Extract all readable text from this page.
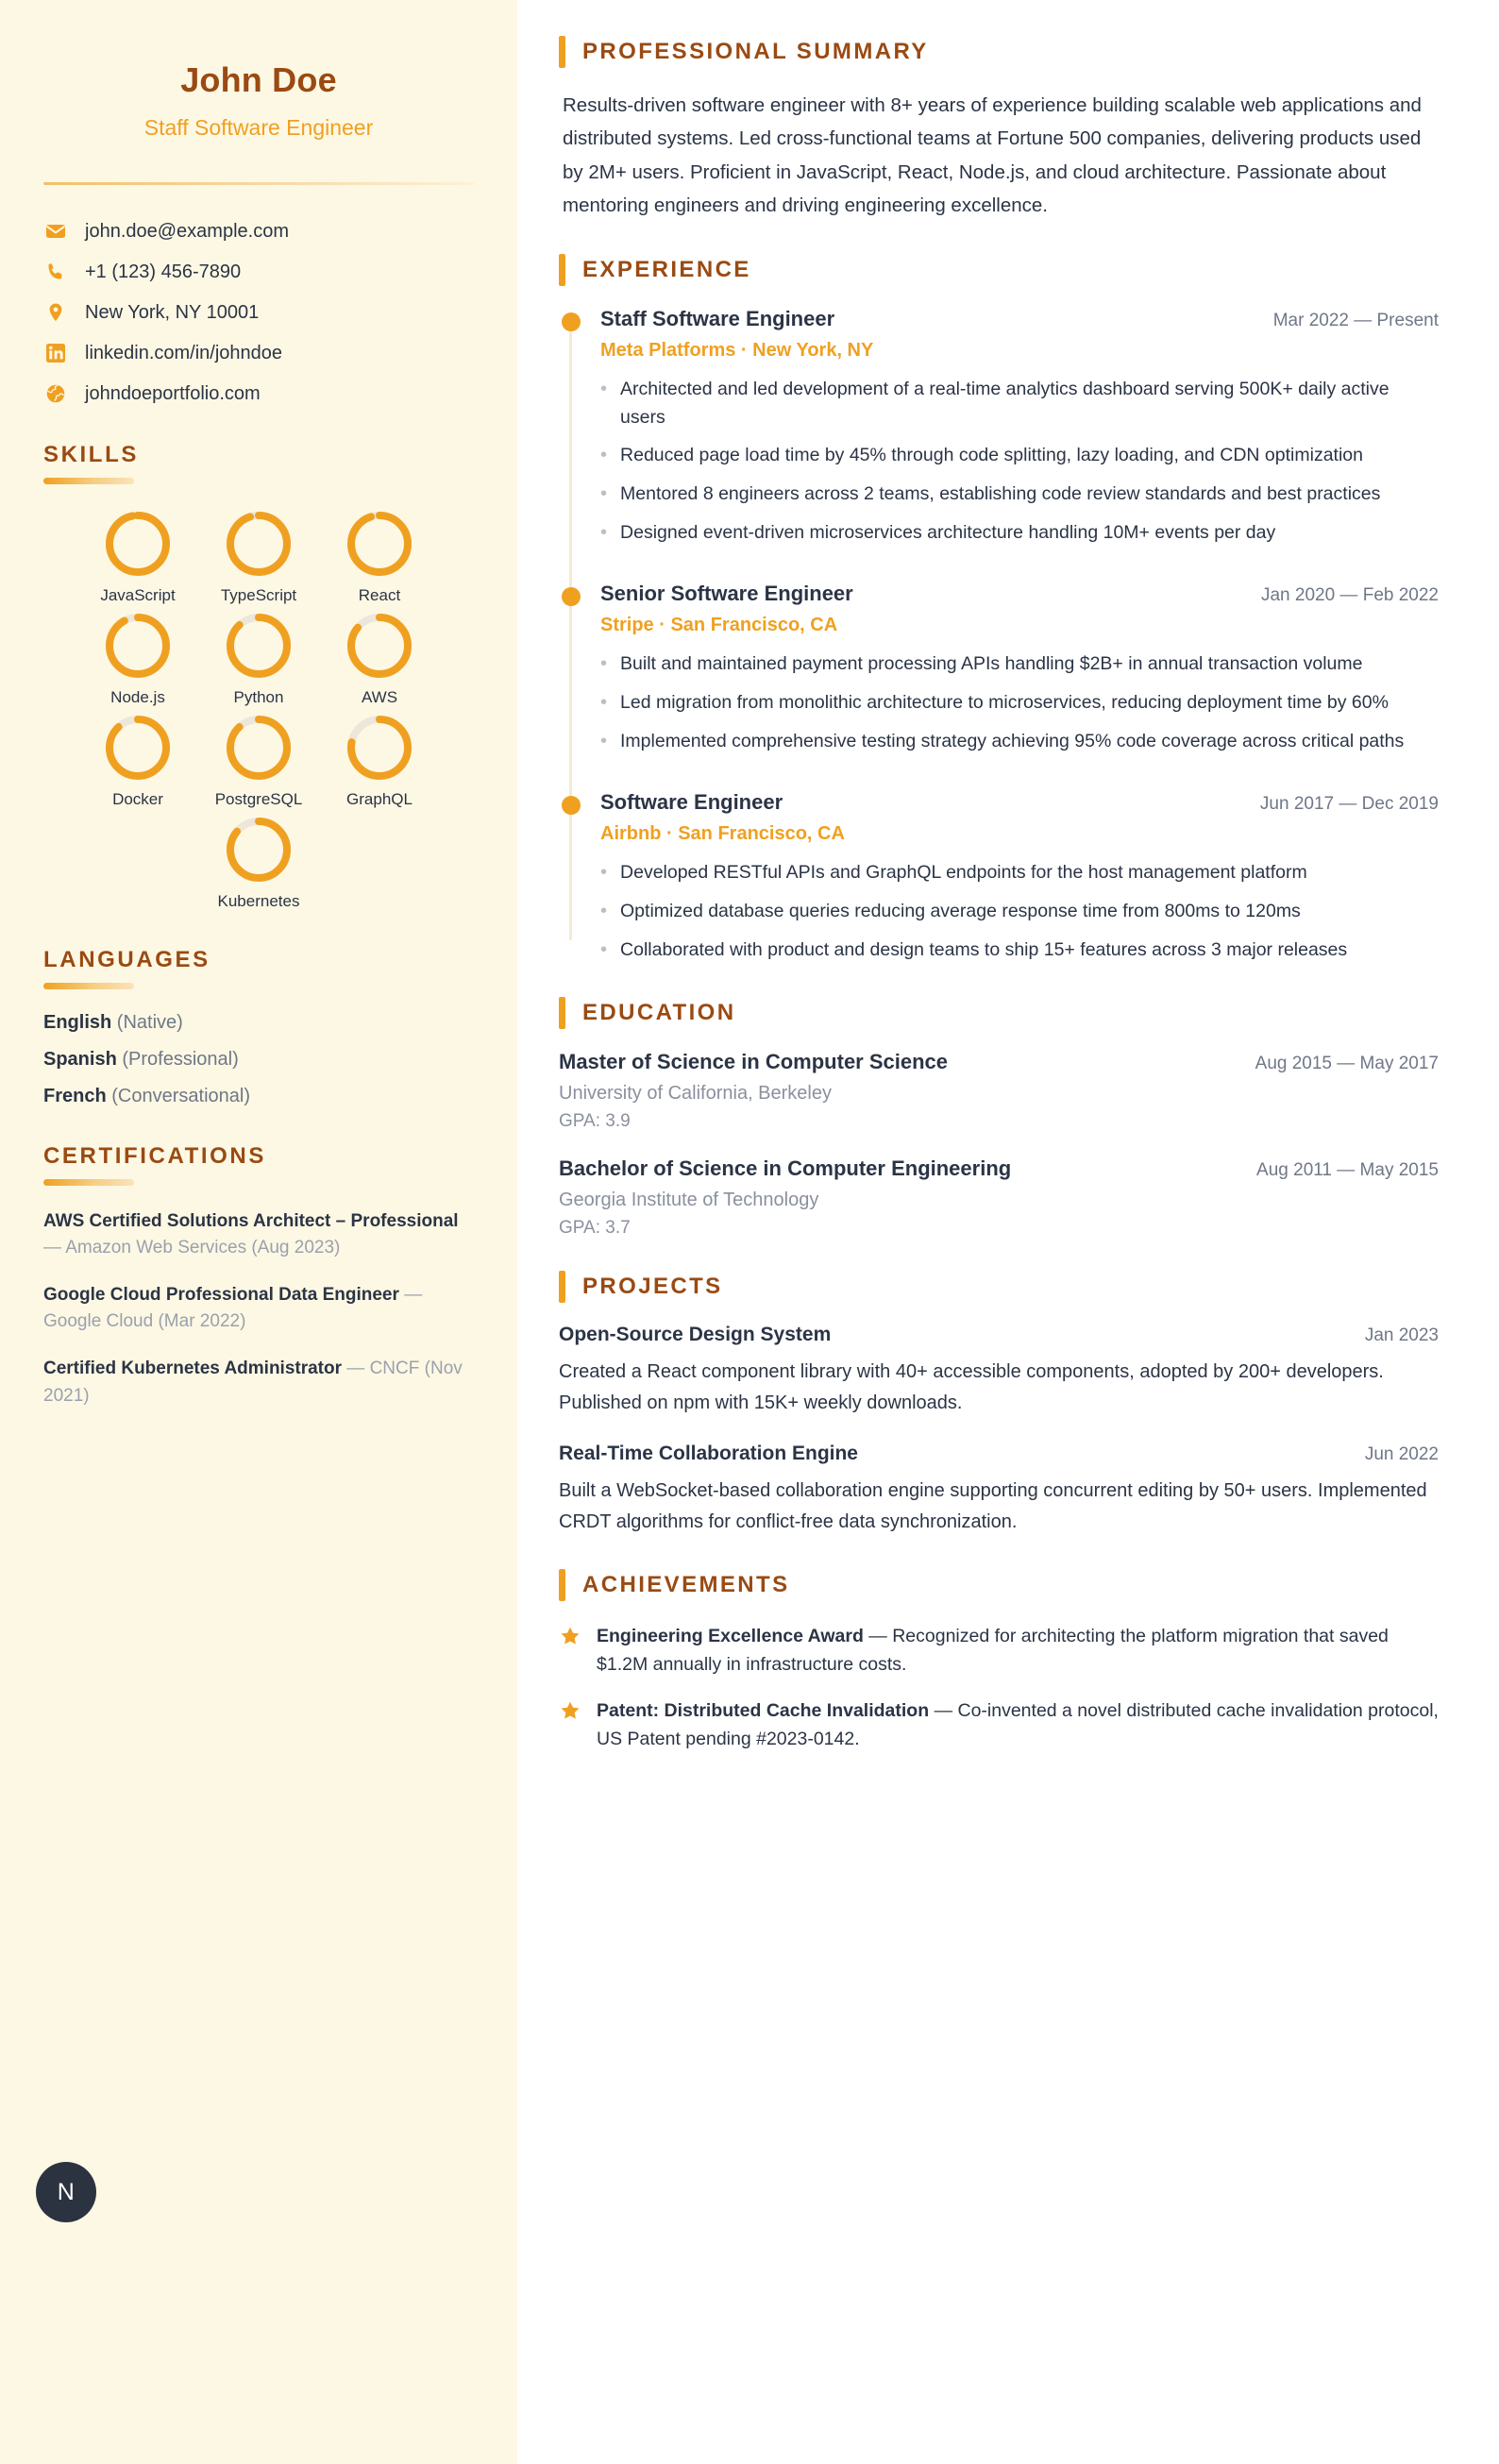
John Doe
Staff Software Engineer
john.doe@example.com
+1 (123) 456-7890
New York, NY 10001
linkedin.com/in/johndoe
johndoeportfolio.com
SKILLS
JavaScript	TypeScript	React
Node.js	Python	AWS
Docker	PostgreSQL	GraphQL
Kubernetes
LANGUAGES
English (Native)
Spanish (Professional)
French (Conversational)
CERTIFICATIONS
AWS Certified Solutions Architect – Professional — Amazon Web Services (Aug 2023)
Google Cloud Professional Data Engineer — Google Cloud (Mar 2022)
Certified Kubernetes Administrator — CNCF (Nov 2021)
N
PROFESSIONAL SUMMARY

Results-driven software engineer with 8+ years of experience building scalable web applications and distributed systems. Led cross-functional teams at Fortune 500 companies, delivering products used by 2M+ users. Proficient in JavaScript, React, Node.js, and cloud architecture. Passionate about mentoring engineers and driving engineering excellence.

EXPERIENCE
Staff Software Engineer	Mar 2022 — Present
Meta Platforms · New York, NY
• Architected and led development of a real-time analytics dashboard serving 500K+ daily active users
• Reduced page load time by 45% through code splitting, lazy loading, and CDN optimization
• Mentored 8 engineers across 2 teams, establishing code review standards and best practices
• Designed event-driven microservices architecture handling 10M+ events per day
Senior Software Engineer	Jan 2020 — Feb 2022
Stripe · San Francisco, CA
• Built and maintained payment processing APIs handling $2B+ in annual transaction volume
• Led migration from monolithic architecture to microservices, reducing deployment time by 60%
• Implemented comprehensive testing strategy achieving 95% code coverage across critical paths
Software Engineer	Jun 2017 — Dec 2019
Airbnb · San Francisco, CA
• Developed RESTful APIs and GraphQL endpoints for the host management platform
• Optimized database queries reducing average response time from 800ms to 120ms
• Collaborated with product and design teams to ship 15+ features across 3 major releases
EDUCATION
Master of Science in Computer Science	Aug 2015 — May 2017
University of California, Berkeley
GPA: 3.9
Bachelor of Science in Computer Engineering	Aug 2011 — May 2015
Georgia Institute of Technology
GPA: 3.7
PROJECTS
Open-Source Design System	Jan 2023
Created a React component library with 40+ accessible components, adopted by 200+ developers. Published on npm with 15K+ weekly downloads.
Real-Time Collaboration Engine	Jun 2022
Built a WebSocket-based collaboration engine supporting concurrent editing by 50+ users. Implemented CRDT algorithms for conflict-free data synchronization.
ACHIEVEMENTS
Engineering Excellence Award — Recognized for architecting the platform migration that saved $1.2M annually in infrastructure costs.
Patent: Distributed Cache Invalidation — Co-invented a novel distributed cache invalidation protocol, US Patent pending #2023-0142.
